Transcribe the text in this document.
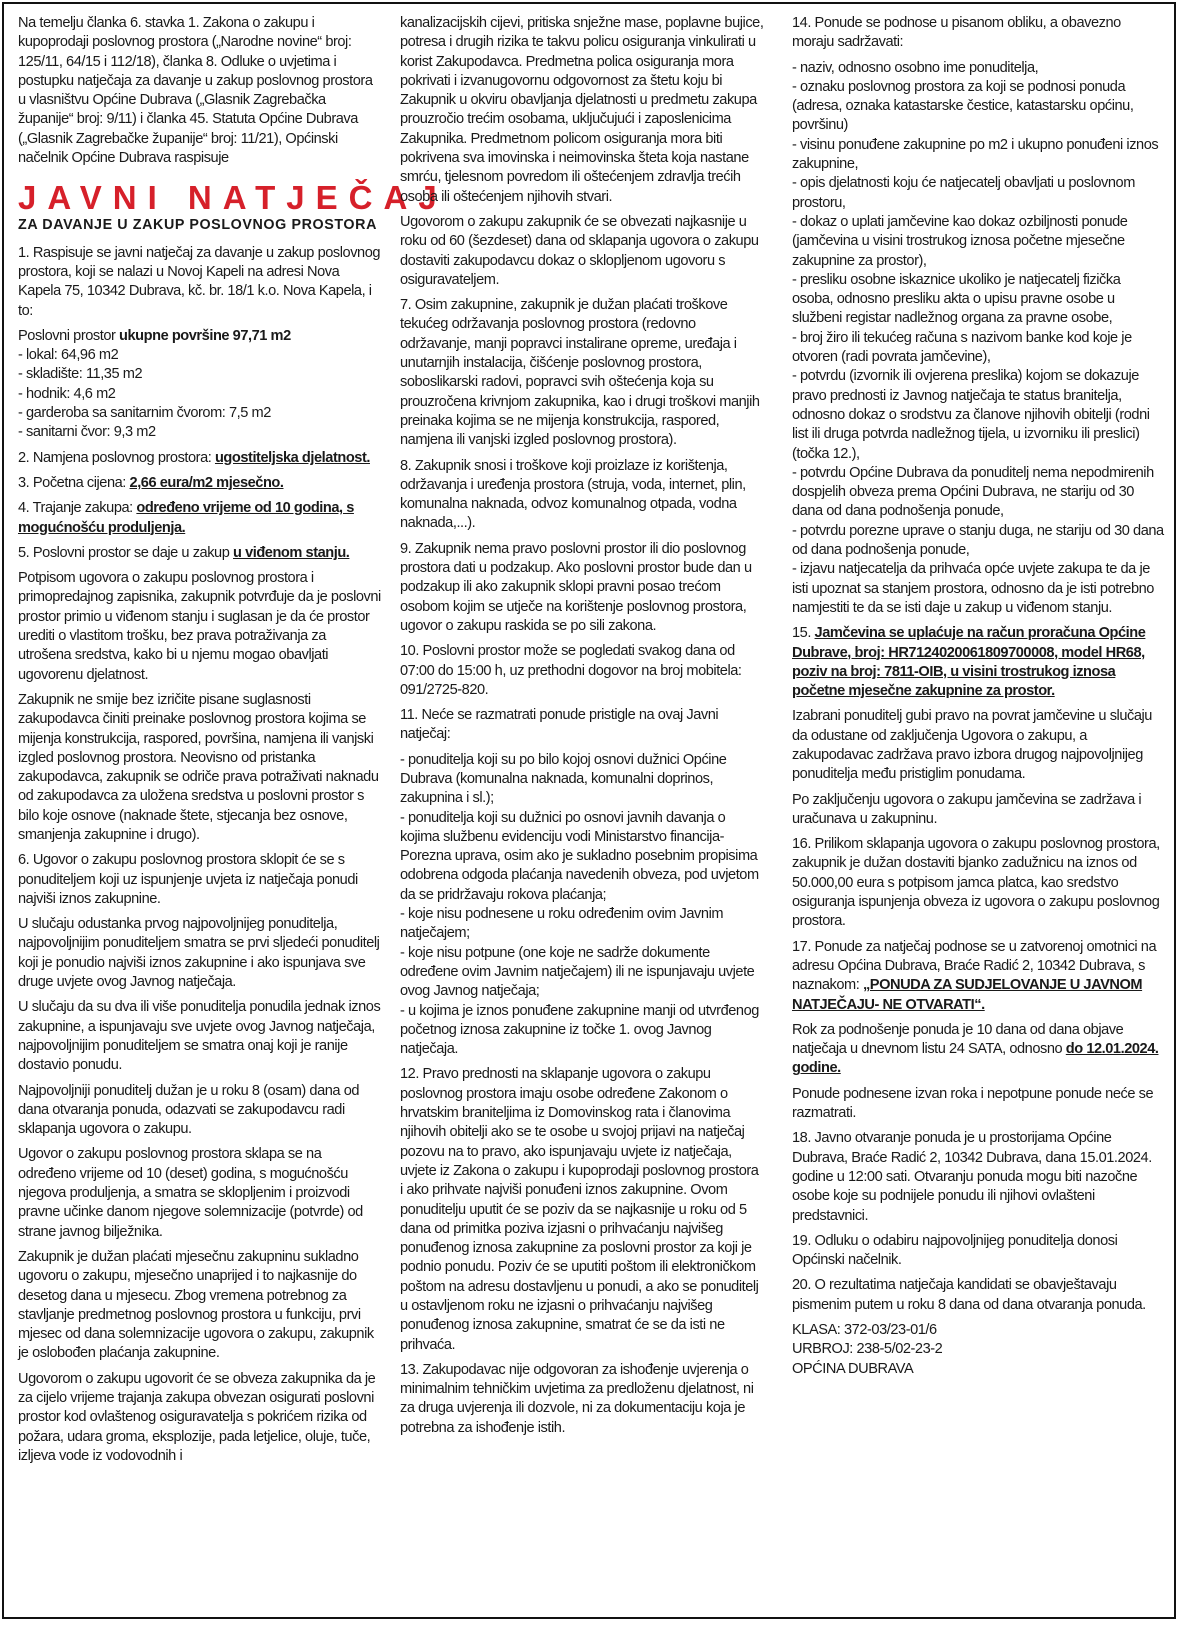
Na temelju članka 6. stavka 1. Zakona o zakupu i kupoprodaji poslovnog prostora („Narodne novine“ broj: 125/11, 64/15 i 112/18), članka 8. Odluke o uvjetima i postupku natječaja za davanje u zakup poslovnog prostora u vlasništvu Općine Dubrava („Glasnik Zagrebačka županije“ broj: 9/11) i članka 45. Statuta Općine Dubrava („Glasnik Zagrebačke županije“ broj: 11/21), Općinski načelnik Općine Dubrava raspisuje

JAVNI NATJEČAJ
ZA DAVANJE U ZAKUP POSLOVNOG PROSTORA

1. Raspisuje se javni natječaj za davanje u zakup poslovnog prostora, koji se nalazi u Novoj Kapeli na adresi Nova Kapela 75, 10342 Dubrava, kč. br. 18/1 k.o. Nova Kapela, i to:

Poslovni prostor ukupne površine 97,71 m2

- lokal: 64,96 m2

- skladište: 11,35 m2

- hodnik: 4,6 m2

- garderoba sa sanitarnim čvorom: 7,5 m2

- sanitarni čvor: 9,3 m2

2. Namjena poslovnog prostora: ugostiteljska djelatnost.

3. Početna cijena: 2,66 eura/m2 mjesečno.

4. Trajanje zakupa: određeno vrijeme od 10 godina, s mogućnošću produljenja.

5. Poslovni prostor se daje u zakup u viđenom stanju.

Potpisom ugovora o zakupu poslovnog prostora i primopredajnog zapisnika, zakupnik potvrđuje da je poslovni prostor primio u viđenom stanju i suglasan je da će prostor urediti o vlastitom trošku, bez prava potraživanja za utrošena sredstva, kako bi u njemu mogao obavljati ugovorenu djelatnost.

Zakupnik ne smije bez izričite pisane suglasnosti zakupodavca činiti preinake poslovnog prostora kojima se mijenja konstrukcija, raspored, površina, namjena ili vanjski izgled poslovnog prostora. Neovisno od pristanka zakupodavca, zakupnik se odriče prava potraživati naknadu od zakupodavca za uložena sredstva u poslovni prostor s bilo koje osnove (naknade štete, stjecanja bez osnove, smanjenja zakupnine i drugo).

6. Ugovor o zakupu poslovnog prostora sklopit će se s ponuditeljem koji uz ispunjenje uvjeta iz natječaja ponudi najviši iznos zakupnine.

U slučaju odustanka prvog najpovoljnijeg ponuditelja, najpovoljnijim ponuditeljem smatra se prvi sljedeći ponuditelj koji je ponudio najviši iznos zakupnine i ako ispunjava sve druge uvjete ovog Javnog natječaja.

U slučaju da su dva ili više ponuditelja ponudila jednak iznos zakupnine, a ispunjavaju sve uvjete ovog Javnog natječaja, najpovoljnijim ponuditeljem se smatra onaj koji je ranije dostavio ponudu.

Najpovoljniji ponuditelj dužan je u roku 8 (osam) dana od dana otvaranja ponuda, odazvati se zakupodavcu radi sklapanja ugovora o zakupu.

Ugovor o zakupu poslovnog prostora sklapa se na određeno vrijeme od 10 (deset) godina, s mogućnošću njegova produljenja, a smatra se sklopljenim i proizvodi pravne učinke danom njegove solemnizacije (potvrde) od strane javnog bilježnika.

Zakupnik je dužan plaćati mjesečnu zakupninu sukladno ugovoru o zakupu, mjesečno unaprijed i to najkasnije do desetog dana u mjesecu. Zbog vremena potrebnog za stavljanje predmetnog poslovnog prostora u funkciju, prvi mjesec od dana solemnizacije ugovora o zakupu, zakupnik je oslobođen plaćanja zakupnine.

Ugovorom o zakupu ugovorit će se obveza zakupnika da je za cijelo vrijeme trajanja zakupa obvezan osigurati poslovni prostor kod ovlaštenog osiguravatelja s pokrićem rizika od požara, udara groma, eksplozije, pada letjelice, oluje, tuče, izljeva vode iz vodovodnih i

kanalizacijskih cijevi, pritiska snježne mase, poplavne bujice, potresa i drugih rizika te takvu policu osiguranja vinkulirati u korist Zakupodavca. Predmetna polica osiguranja mora pokrivati i izvanugovornu odgovornost za štetu koju bi Zakupnik u okviru obavljanja djelatnosti u predmetu zakupa prouzročio trećim osobama, uključujući i zaposlenicima Zakupnika. Predmetnom policom osiguranja mora biti pokrivena sva imovinska i neimovinska šteta koja nastane smrću, tjelesnom povredom ili oštećenjem zdravlja trećih osoba ili oštećenjem njihovih stvari.

Ugovorom o zakupu zakupnik će se obvezati najkasnije u roku od 60 (šezdeset) dana od sklapanja ugovora o zakupu dostaviti zakupodavcu dokaz o sklopljenom ugovoru s osiguravateljem.

7. Osim zakupnine, zakupnik je dužan plaćati troškove tekućeg održavanja poslovnog prostora (redovno održavanje, manji popravci instalirane opreme, uređaja i unutarnjih instalacija, čišćenje poslovnog prostora, soboslikarski radovi, popravci svih oštećenja koja su prouzročena krivnjom zakupnika, kao i drugi troškovi manjih preinaka kojima se ne mijenja konstrukcija, raspored, namjena ili vanjski izgled poslovnog prostora).

8. Zakupnik snosi i troškove koji proizlaze iz korištenja, održavanja i uređenja prostora (struja, voda, internet, plin, komunalna naknada, odvoz komunalnog otpada, vodna naknada,...).

9. Zakupnik nema pravo poslovni prostor ili dio poslovnog prostora dati u podzakup. Ako poslovni prostor bude dan u podzakup ili ako zakupnik sklopi pravni posao trećom osobom kojim se utječe na korištenje poslovnog prostora, ugovor o zakupu raskida se po sili zakona.

10. Poslovni prostor može se pogledati svakog dana od 07:00 do 15:00 h, uz prethodni dogovor na broj mobitela: 091/2725-820.

11. Neće se razmatrati ponude pristigle na ovaj Javni natječaj:

- ponuditelja koji su po bilo kojoj osnovi dužnici Općine Dubrava (komunalna naknada, komunalni doprinos, zakupnina i sl.);

- ponuditelja koji su dužnici po osnovi javnih davanja o kojima službenu evidenciju vodi Ministarstvo financija-Porezna uprava, osim ako je sukladno posebnim propisima odobrena odgoda plaćanja navedenih obveza, pod uvjetom da se pridržavaju rokova plaćanja;

- koje nisu podnesene u roku određenim ovim Javnim natječajem;

- koje nisu potpune (one koje ne sadrže dokumente određene ovim Javnim natječajem) ili ne ispunjavaju uvjete ovog Javnog natječaja;

- u kojima je iznos ponuđene zakupnine manji od utvrđenog početnog iznosa zakupnine iz točke 1. ovog Javnog natječaja.

12. Pravo prednosti na sklapanje ugovora o zakupu poslovnog prostora imaju osobe određene Zakonom o hrvatskim braniteljima iz Domovinskog rata i članovima njihovih obitelji ako se te osobe u svojoj prijavi na natječaj pozovu na to pravo, ako ispunjavaju uvjete iz natječaja, uvjete iz Zakona o zakupu i kupoprodaji poslovnog prostora i ako prihvate najviši ponuđeni iznos zakupnine. Ovom ponuditelju uputit će se poziv da se najkasnije u roku od 5 dana od primitka poziva izjasni o prihvaćanju najvišeg ponuđenog iznosa zakupnine za poslovni prostor za koji je podnio ponudu. Poziv će se uputiti poštom ili elektroničkom poštom na adresu dostavljenu u ponudi, a ako se ponuditelj u ostavljenom roku ne izjasni o prihvaćanju najvišeg ponuđenog iznosa zakupnine, smatrat će se da isti ne prihvaća.

13. Zakupodavac nije odgovoran za ishođenje uvjerenja o minimalnim tehničkim uvjetima za predloženu djelatnost, ni za druga uvjerenja ili dozvole, ni za dokumentaciju koja je potrebna za ishođenje istih.

14. Ponude se podnose u pisanom obliku, a obavezno moraju sadržavati:

- naziv, odnosno osobno ime ponuditelja,

- oznaku poslovnog prostora za koji se podnosi ponuda (adresa, oznaka katastarske čestice, katastarsku općinu, površinu)

- visinu ponuđene zakupnine po m2 i ukupno ponuđeni iznos zakupnine,

- opis djelatnosti koju će natjecatelj obavljati u poslovnom prostoru,

- dokaz o uplati jamčevine kao dokaz ozbiljnosti ponude (jamčevina u visini trostrukog iznosa početne mjesečne zakupnine za prostor),

- presliku osobne iskaznice ukoliko je natjecatelj fizička osoba, odnosno presliku akta o upisu pravne osobe u službeni registar nadležnog organa za pravne osobe,

- broj žiro ili tekućeg računa s nazivom banke kod koje je otvoren (radi povrata jamčevine),

- potvrdu (izvornik ili ovjerena preslika) kojom se dokazuje pravo prednosti iz Javnog natječaja te status branitelja, odnosno dokaz o srodstvu za članove njihovih obitelji (rodni list ili druga potvrda nadležnog tijela, u izvorniku ili preslici) (točka 12.),

- potvrdu Općine Dubrava da ponuditelj nema nepodmirenih dospjelih obveza prema Općini Dubrava, ne stariju od 30 dana od dana podnošenja ponude,

- potvrdu porezne uprave o stanju duga, ne stariju od 30 dana od dana podnošenja ponude,

- izjavu natjecatelja da prihvaća opće uvjete zakupa te da je isti upoznat sa stanjem prostora, odnosno da je isti potrebno namjestiti te da se isti daje u zakup u viđenom stanju.

15. Jamčevina se uplaćuje na račun proračuna Općine Dubrave, broj: HR7124020061809700008, model HR68, poziv na broj: 7811-OIB, u visini trostrukog iznosa početne mjesečne zakupnine za prostor.

Izabrani ponuditelj gubi pravo na povrat jamčevine u slučaju da odustane od zaključenja Ugovora o zakupu, a zakupodavac zadržava pravo izbora drugog najpovoljnijeg ponuditelja među pristiglim ponudama.

Po zaključenju ugovora o zakupu jamčevina se zadržava i uračunava u zakupninu.

16. Prilikom sklapanja ugovora o zakupu poslovnog prostora, zakupnik je dužan dostaviti bjanko zadužnicu na iznos od 50.000,00 eura s potpisom jamca platca, kao sredstvo osiguranja ispunjenja obveza iz ugovora o zakupu poslovnog prostora.

17. Ponude za natječaj podnose se u zatvorenoj omotnici na adresu Općina Dubrava, Braće Radić 2, 10342 Dubrava, s naznakom: „PONUDA ZA SUDJELOVANJE U JAVNOM NATJEČAJU- NE OTVARATI“.

Rok za podnošenje ponuda je 10 dana od dana objave natječaja u dnevnom listu 24 SATA, odnosno do 12.01.2024. godine.

Ponude podnesene izvan roka i nepotpune ponude neće se razmatrati.

18. Javno otvaranje ponuda je u prostorijama Općine Dubrava, Braće Radić 2, 10342 Dubrava, dana 15.01.2024. godine u 12:00 sati. Otvaranju ponuda mogu biti nazočne osobe koje su podnijele ponudu ili njihovi ovlašteni predstavnici.

19. Odluku o odabiru najpovoljnijeg ponuditelja donosi Općinski načelnik.

20. O rezultatima natječaja kandidati se obavještavaju pismenim putem u roku 8 dana od dana otvaranja ponuda.

KLASA: 372-03/23-01/6

URBROJ: 238-5/02-23-2

OPĆINA DUBRAVA
